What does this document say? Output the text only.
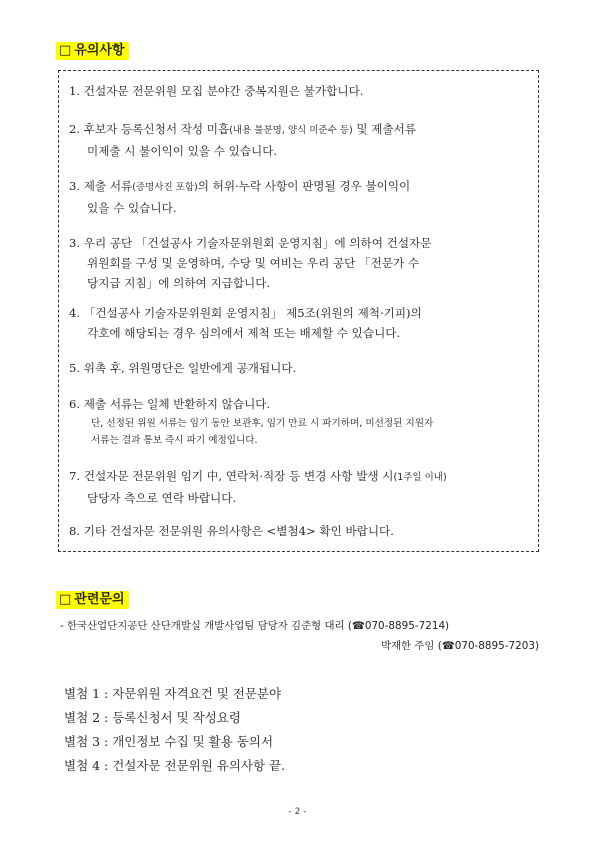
□ 유의사항
1. 건설자문 전문위원 모집 분야간 중복지원은 불가합니다.
2. 후보자 등록신청서 작성 미흡(내용 불분명, 양식 미준수 등) 및 제출서류
미제출 시 불이익이 있을 수 있습니다.
3. 제출 서류(증명사진 포함)의 허위·누락 사항이 판명될 경우 불이익이
있을 수 있습니다.
3. 우리 공단 「건설공사 기술자문위원회 운영지침」에 의하여 건설자문
위원회를 구성 및 운영하며, 수당 및 여비는 우리 공단 「전문가 수
당지급 지침」에 의하여 지급합니다.
4. 「건설공사 기술자문위원회 운영지침」 제5조(위원의 제척·기피)의
각호에 해당되는 경우 심의에서 제척 또는 배제할 수 있습니다.
5. 위촉 후, 위원명단은 일반에게 공개됩니다.
6. 제출 서류는 일체 반환하지 않습니다.
단, 선정된 위원 서류는 임기 동안 보관후, 임기 만료 시 파기하며, 미선정된 지원자
서류는 결과 통보 즉시 파기 예정입니다.
7. 건설자문 전문위원 임기 中, 연락처·직장 등 변경 사항 발생 시(1주일 이내)
담당자 측으로 연락 바랍니다.
8. 기타 건설자문 전문위원 유의사항은 <별첨4> 확인 바랍니다.
□ 관련문의
- 한국산업단지공단 산단개발실 개발사업팀 담당자 김준형 대리 (☎070-8895-7214)
박재한 주임 (☎070-8895-7203)
별첨 1 : 자문위원 자격요건 및 전문분야
별첨 2 : 등록신청서 및 작성요령
별첨 3 : 개인정보 수집 및 활용 동의서
별첨 4 : 건설자문 전문위원 유의사항 끝.
- 2 -
